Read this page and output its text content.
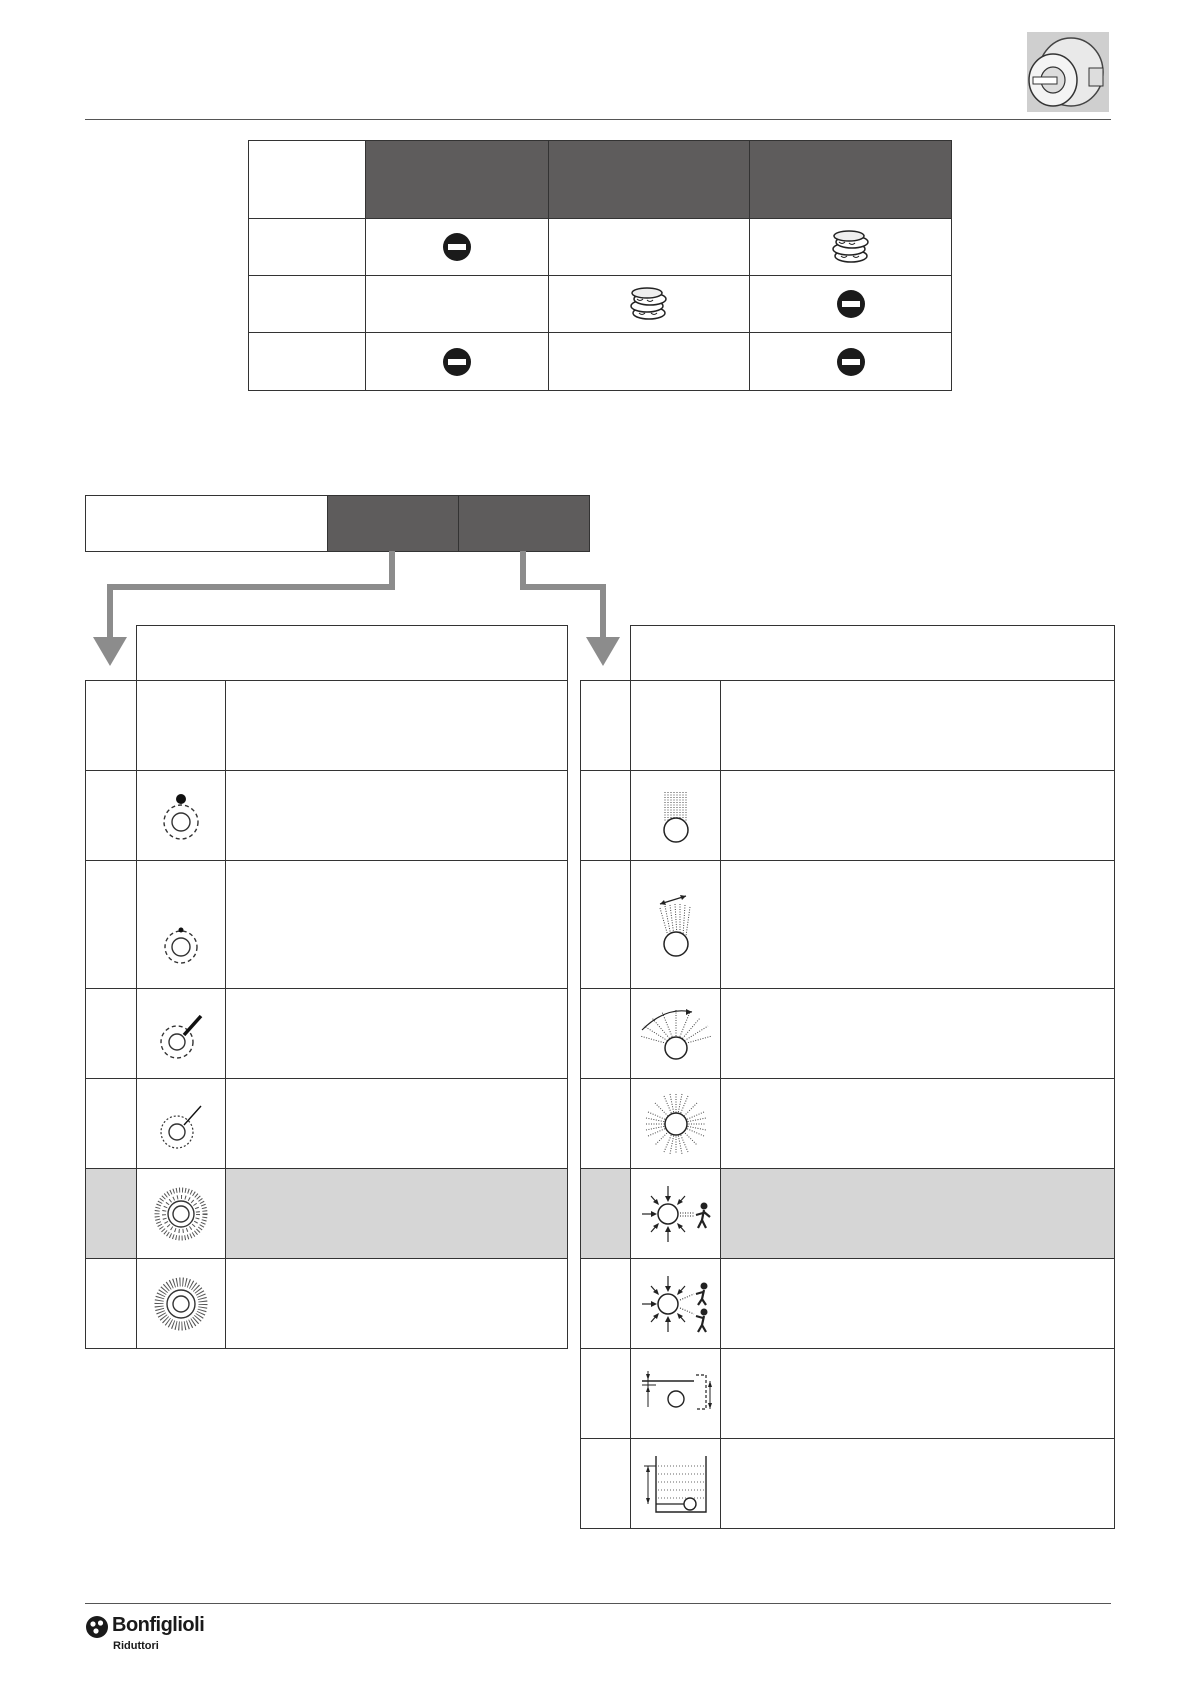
Bonfiglioli
Riduttori
